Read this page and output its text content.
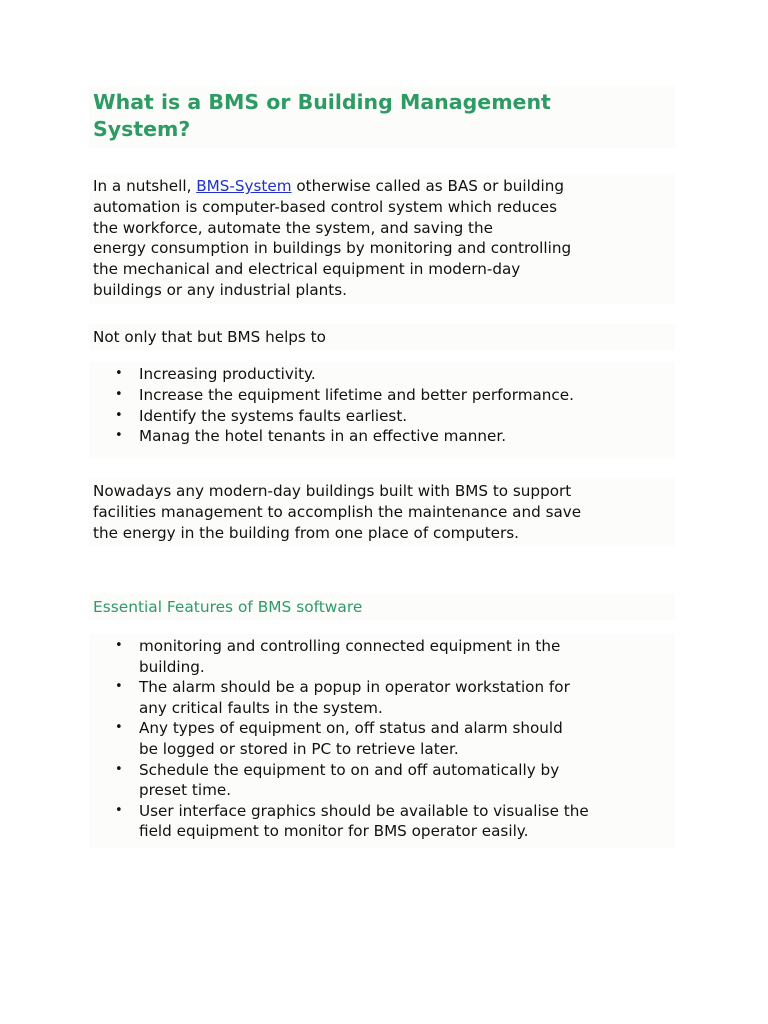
What is a BMS or Building Management
System?
In a nutshell, BMS-System otherwise called as BAS or building
automation is computer-based control system which reduces
the workforce, automate the system, and saving the
energy consumption in buildings by monitoring and controlling
the mechanical and electrical equipment in modern-day
buildings or any industrial plants.
Not only that but BMS helps to
• Increasing productivity.
• Increase the equipment lifetime and better performance.
• Identify the systems faults earliest.
• Manag the hotel tenants in an effective manner.
Nowadays any modern-day buildings built with BMS to support
facilities management to accomplish the maintenance and save
the energy in the building from one place of computers.
Essential Features of BMS software
• monitoring and controlling connected equipment in the
building.
• The alarm should be a popup in operator workstation for
any critical faults in the system.
• Any types of equipment on, off status and alarm should
be logged or stored in PC to retrieve later.
• Schedule the equipment to on and off automatically by
preset time.
• User interface graphics should be available to visualise the
field equipment to monitor for BMS operator easily.
